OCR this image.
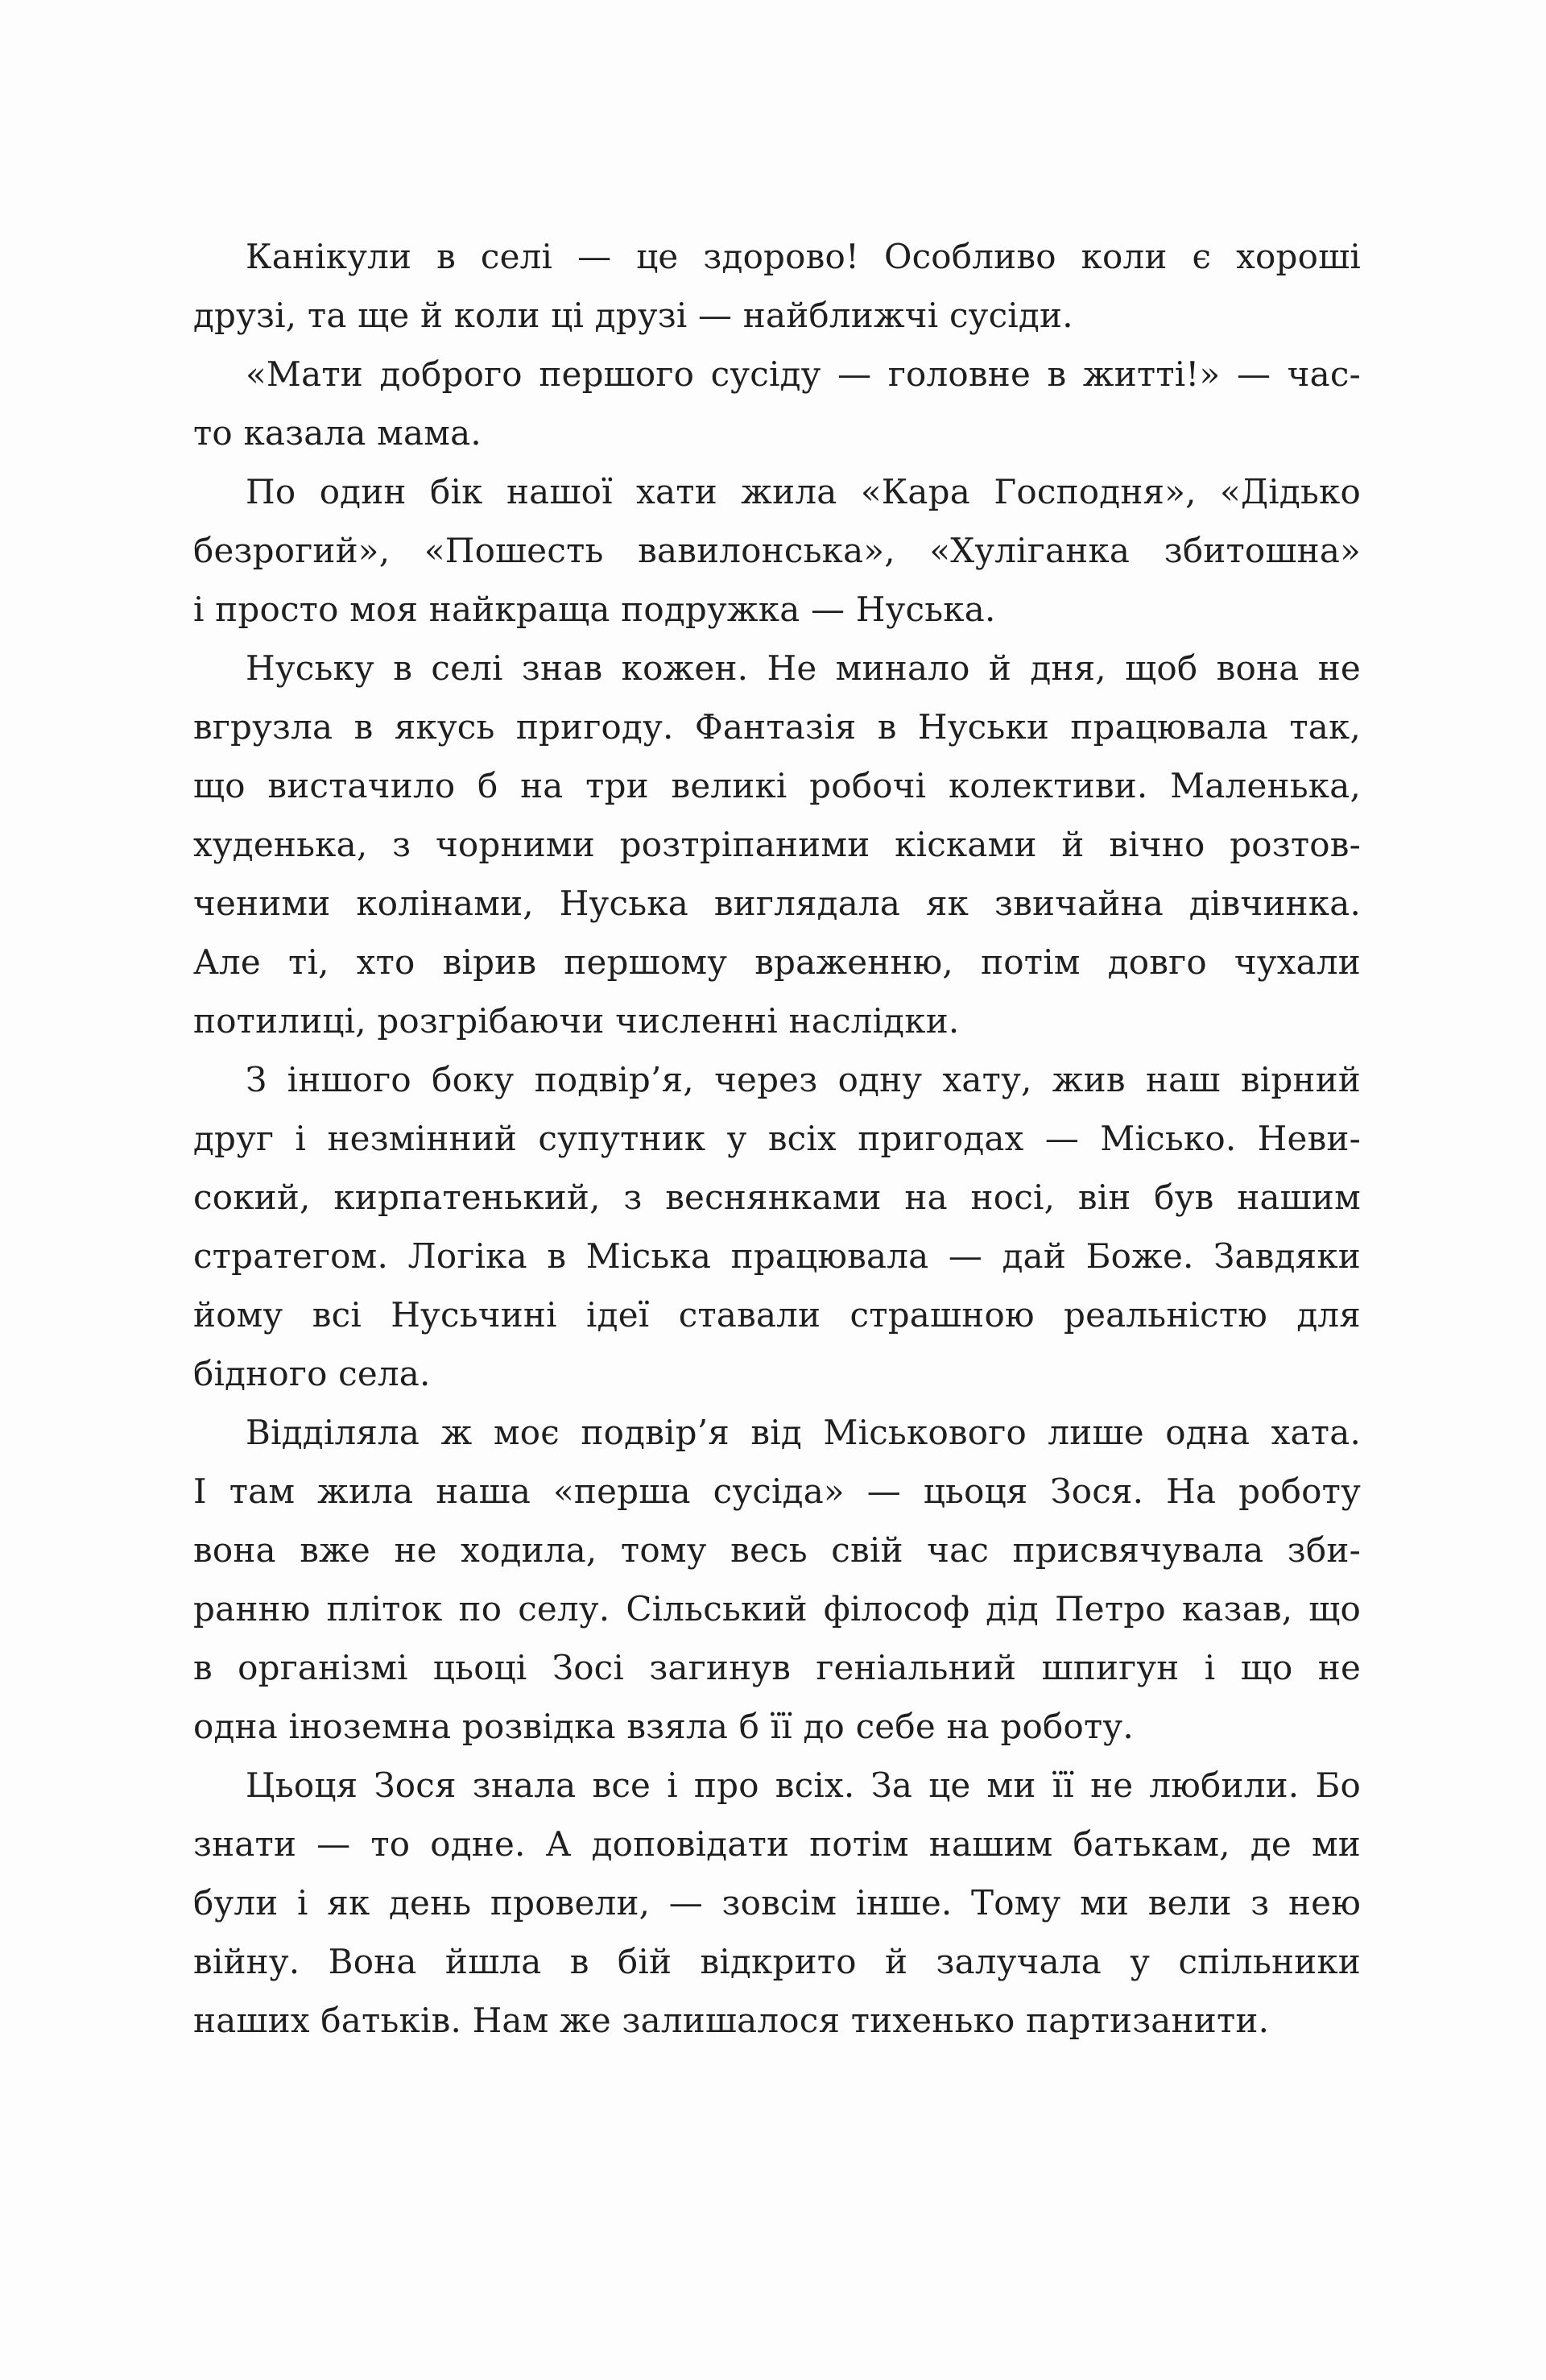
Канікули в селі — це здорово! Особливо коли є хороші
друзі, та ще й коли ці друзі — найближчі сусіди.
«Мати доброго першого сусіду — головне в житті!» — час-
то казала мама.
По один бік нашої хати жила «Кара Господня», «Дідько
безрогий», «Пошесть вавилонська», «Хуліганка збитошна»
і просто моя найкраща подружка — Нуська.
Нуську в селі знав кожен. Не минало й дня, щоб вона не
вгрузла в якусь пригоду. Фантазія в Нуськи працювала так,
що вистачило б на три великі робочі колективи. Маленька,
худенька, з чорними розтріпаними кісками й вічно розтов-
ченими колінами, Нуська виглядала як звичайна дівчинка.
Але ті, хто вірив першому враженню, потім довго чухали
потилиці, розгрібаючи численні наслідки.
З іншого боку подвір’я, через одну хату, жив наш вірний
друг і незмінний супутник у всіх пригодах — Місько. Неви-
сокий, кирпатенький, з веснянками на носі, він був нашим
стратегом. Логіка в Міська працювала — дай Боже. Завдяки
йому всі Нусьчині ідеї ставали страшною реальністю для
бідного села.
Відділяла ж моє подвір’я від Міськового лише одна хата.
І там жила наша «перша сусіда» — цьоця Зося. На роботу
вона вже не ходила, тому весь свій час присвячувала зби-
ранню пліток по селу. Сільський філософ дід Петро казав, що
в організмі цьоці Зосі загинув геніальний шпигун і що не
одна іноземна розвідка взяла б її до себе на роботу.
Цьоця Зося знала все і про всіх. За це ми її не любили. Бо
знати — то одне. А доповідати потім нашим батькам, де ми
були і як день провели, — зовсім інше. Тому ми вели з нею
війну. Вона йшла в бій відкрито й залучала у спільники
наших батьків. Нам же залишалося тихенько партизанити.
